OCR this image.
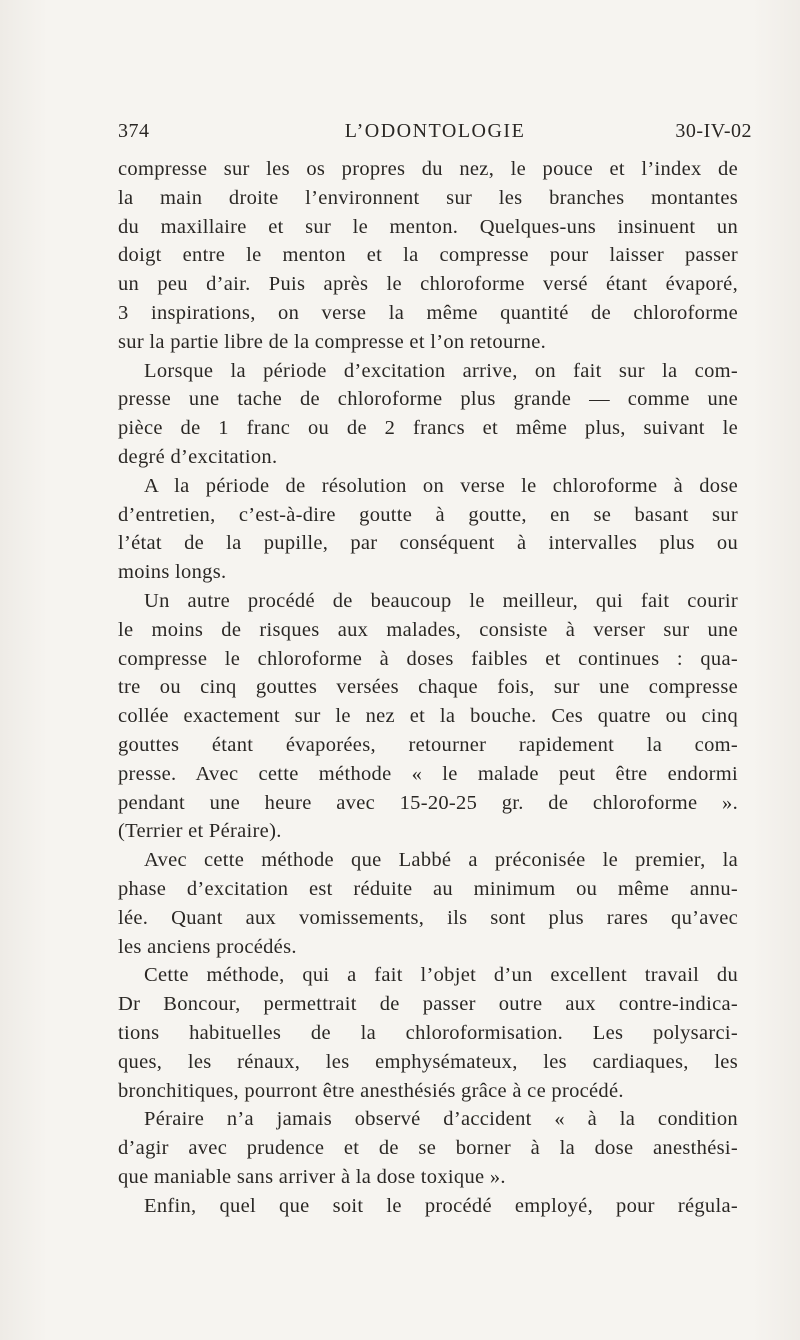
374	L’ODONTOLOGIE	30-IV-02
compresse sur les os propres du nez, le pouce et l’index de
la main droite l’environnent sur les branches montantes
du maxillaire et sur le menton. Quelques-uns insinuent un
doigt entre le menton et la compresse pour laisser passer
un peu d’air. Puis après le chloroforme versé étant évaporé,
3 inspirations, on verse la même quantité de chloroforme
sur la partie libre de la compresse et l’on retourne.
Lorsque la période d’excitation arrive, on fait sur la com-
presse une tache de chloroforme plus grande — comme une
pièce de 1 franc ou de 2 francs et même plus, suivant le
degré d’excitation.
A la période de résolution on verse le chloroforme à dose
d’entretien, c’est-à-dire goutte à goutte, en se basant sur
l’état de la pupille, par conséquent à intervalles plus ou
moins longs.
Un autre procédé de beaucoup le meilleur, qui fait courir
le moins de risques aux malades, consiste à verser sur une
compresse le chloroforme à doses faibles et continues : qua-
tre ou cinq gouttes versées chaque fois, sur une compresse
collée exactement sur le nez et la bouche. Ces quatre ou cinq
gouttes étant évaporées, retourner rapidement la com-
presse. Avec cette méthode « le malade peut être endormi
pendant une heure avec 15-20-25 gr. de chloroforme ».
(Terrier et Péraire).
Avec cette méthode que Labbé a préconisée le premier, la
phase d’excitation est réduite au minimum ou même annu-
lée. Quant aux vomissements, ils sont plus rares qu’avec
les anciens procédés.
Cette méthode, qui a fait l’objet d’un excellent travail du
Dr Boncour, permettrait de passer outre aux contre-indica-
tions habituelles de la chloroformisation. Les polysarci-
ques, les rénaux, les emphysémateux, les cardiaques, les
bronchitiques, pourront être anesthésiés grâce à ce procédé.
Péraire n’a jamais observé d’accident « à la condition
d’agir avec prudence et de se borner à la dose anesthési-
que maniable sans arriver à la dose toxique ».
Enfin, quel que soit le procédé employé, pour régula-
